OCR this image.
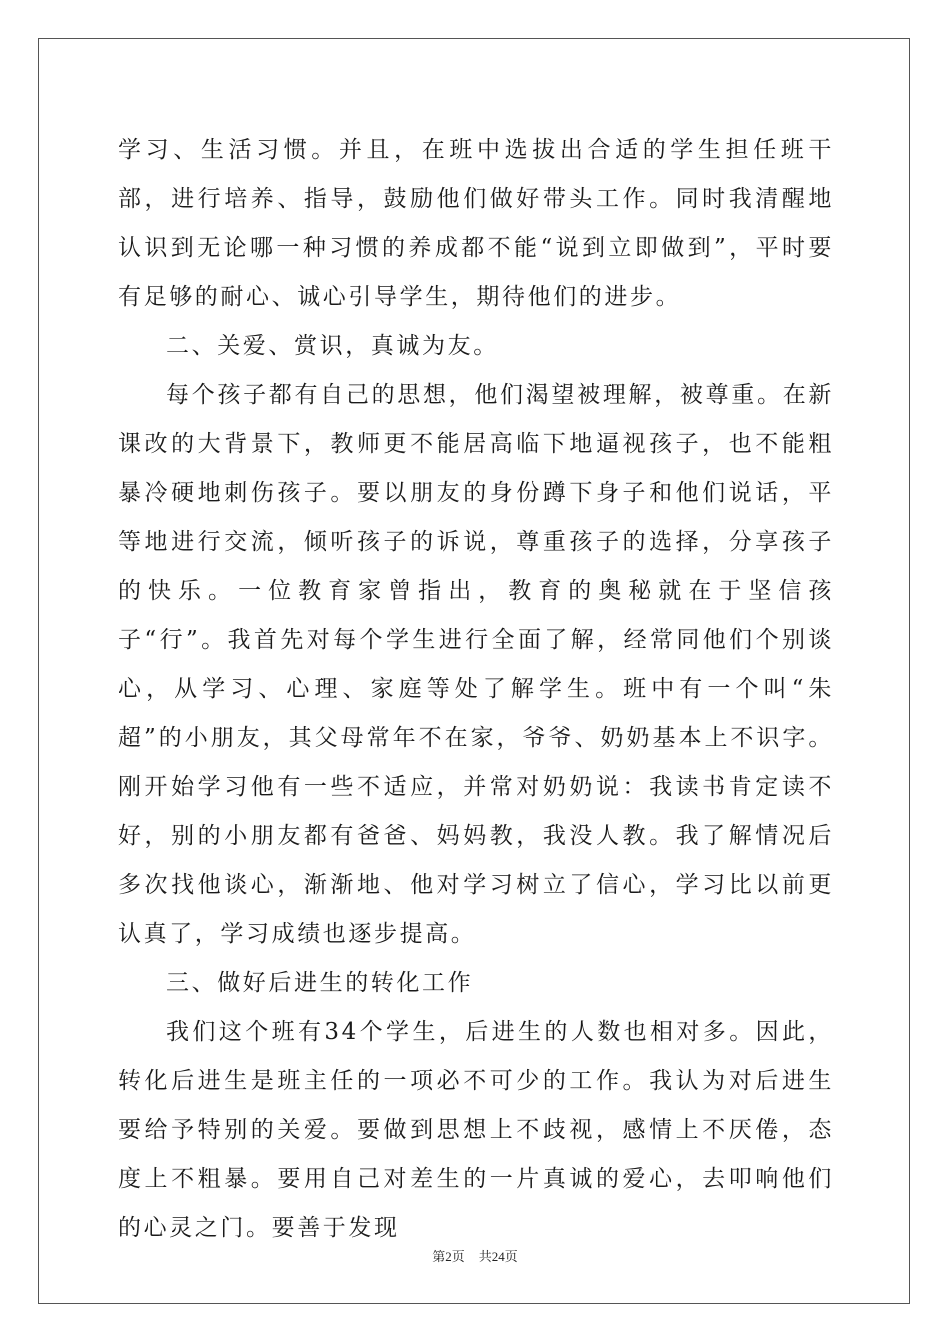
学习、生活习惯。并且，在班中选拔出合适的学生担任班干部，进行培养、指导，鼓励他们做好带头工作。同时我清醒地认识到无论哪一种习惯的养成都不能“说到立即做到”，平时要有足够的耐心、诚心引导学生，期待他们的进步。

二、关爱、赏识，真诚为友。

每个孩子都有自己的思想，他们渴望被理解，被尊重。在新课改的大背景下，教师更不能居高临下地逼视孩子，也不能粗暴冷硬地刺伤孩子。要以朋友的身份蹲下身子和他们说话，平等地进行交流，倾听孩子的诉说，尊重孩子的选择，分享孩子的快乐。一位教育家曾指出，教育的奥秘就在于坚信孩子“行”。我首先对每个学生进行全面了解，经常同他们个别谈心，从学习、心理、家庭等处了解学生。班中有一个叫“朱超”的小朋友，其父母常年不在家，爷爷、奶奶基本上不识字。刚开始学习他有一些不适应，并常对奶奶说：我读书肯定读不好，别的小朋友都有爸爸、妈妈教，我没人教。我了解情况后多次找他谈心，渐渐地、他对学习树立了信心，学习比以前更认真了，学习成绩也逐步提高。

三、做好后进生的转化工作

我们这个班有34个学生，后进生的人数也相对多。因此，转化后进生是班主任的一项必不可少的工作。我认为对后进生要给予特别的关爱。要做到思想上不歧视，感情上不厌倦，态度上不粗暴。要用自己对差生的一片真诚的爱心，去叩响他们的心灵之门。要善于发现

第2页 共24页
